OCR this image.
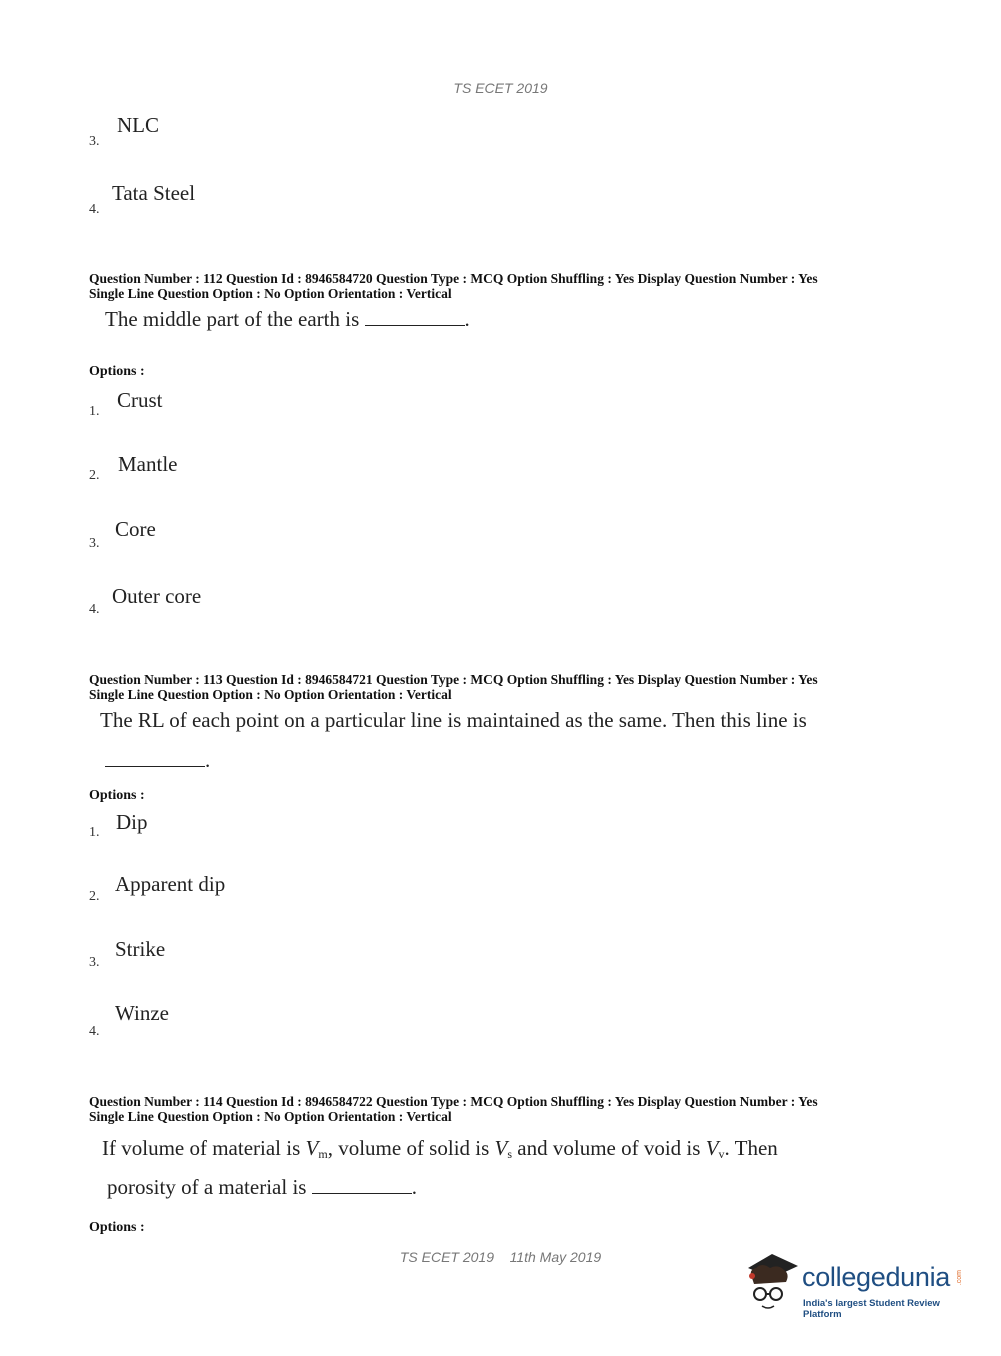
TS ECET 2019
NLC
3.
Tata Steel
4.
Question Number : 112 Question Id : 8946584720 Question Type : MCQ Option Shuffling : Yes Display Question Number : Yes
Single Line Question Option : No Option Orientation : Vertical
The middle part of the earth is	.
Options :
Crust
1.
Mantle
2.
Core
3.
Outer core
4.
Question Number : 113 Question Id : 8946584721 Question Type : MCQ Option Shuffling : Yes Display Question Number : Yes
Single Line Question Option : No Option Orientation : Vertical
The RL of each point on a particular line is maintained as the same. Then this line is
.
Options :
Dip
1.
Apparent dip
2.
Strike
3.
Winze
4.
Question Number : 114 Question Id : 8946584722 Question Type : MCQ Option Shuffling : Yes Display Question Number : Yes
Single Line Question Option : No Option Orientation : Vertical
If volume of material is $V_m$, volume of solid is $V_s$ and volume of void is $V_v$. Then
porosity of a material is	.
Options :
TS ECET 2019 11th May 2019
collegedunia .com
India's largest Student Review Platform
